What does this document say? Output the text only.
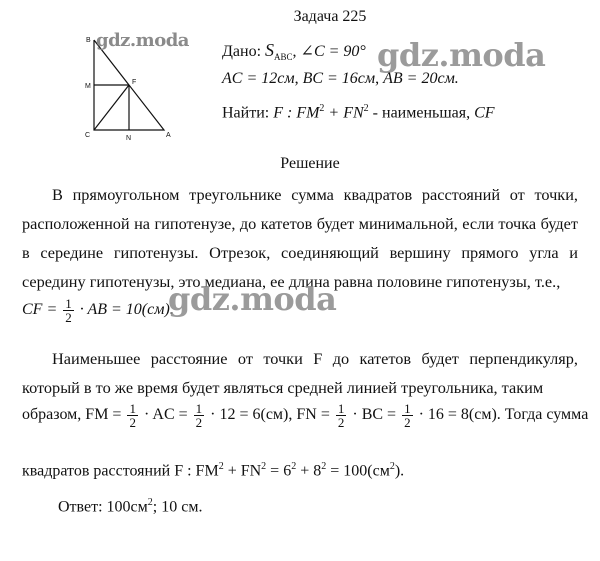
Задача 225
B
M
F
C	N	A
gdz.moda
Дано: $S_{ABC}$, ∠C = 90° gdz.moda
AC = 12см, BC = 16см, AB = 20см.
Найти: F : $FM^2 + FN^2$ - наименьшая, CF
Решение
В прямоугольном треугольнике сумма квадратов расстояний от точки, расположенной на гипотенузе, до катетов будет минимальной, если точка будет в середине гипотенузы. Отрезок, соединяющий вершину прямого угла и середину гипотенузы, это медиана, ее длина равна половине гипотенузы, т.е.,
CF = $\frac{1}{2}$ · AB = 10(см).
gdz.moda
Наименьшее расстояние от точки F до катетов будет перпендикуляр, который в то же время будет являться средней линией треугольника, таким
образом, FM = $\frac{1}{2}$ · AC = $\frac{1}{2} \cdot 12 = 6(см)$, FN = $\frac{1}{2}$ · BC = $\frac{1}{2} \cdot 16 = 8(см)$. Тогда сумма
квадратов расстояний F : $FM^2 + FN^2 = 6^2 + 8^2 = 100(см^2)$.
Ответ: $100см^2$; 10 см.
